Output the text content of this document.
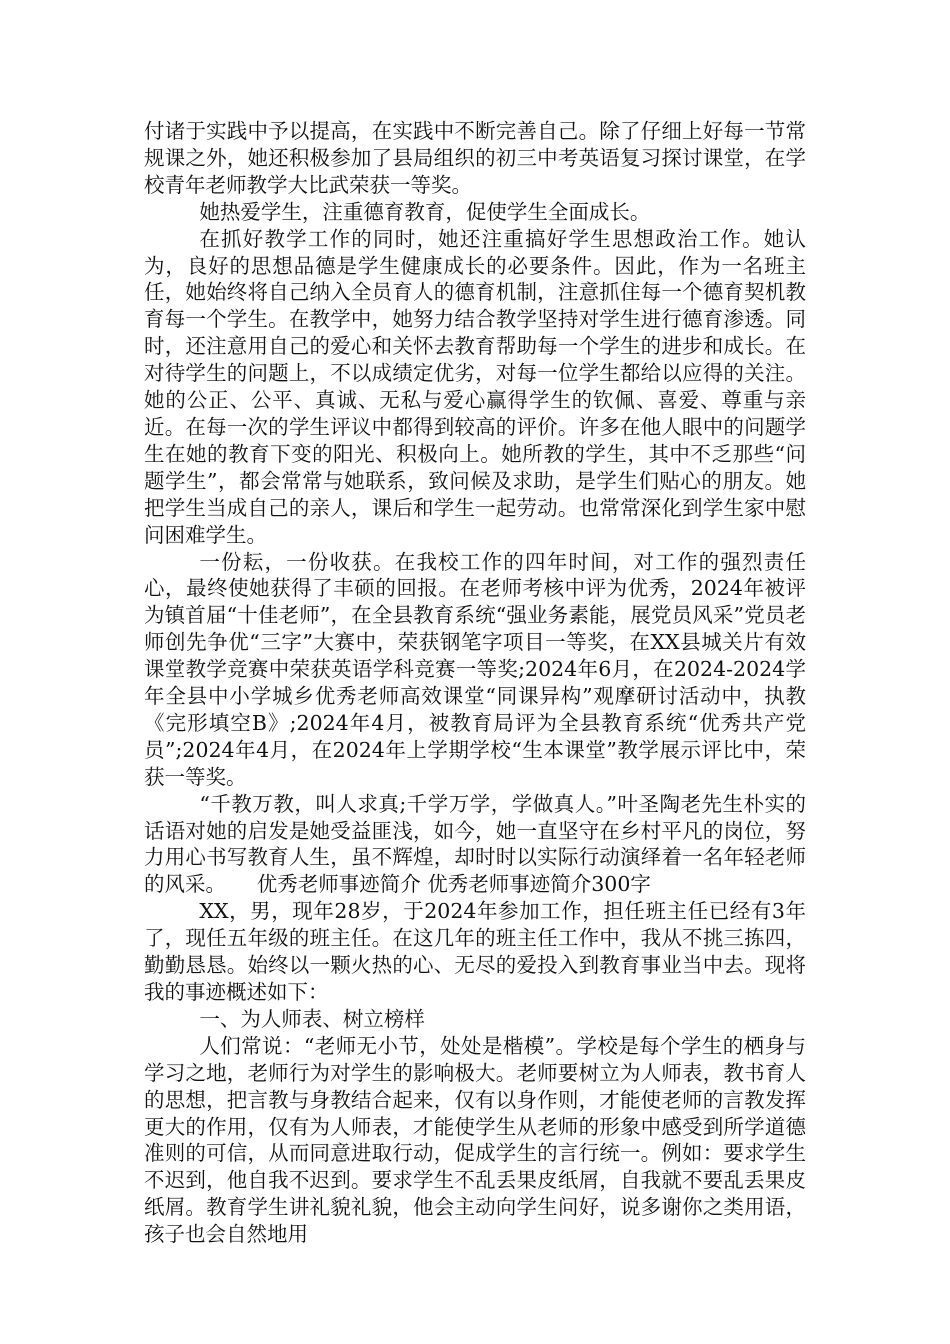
付诸于实践中予以提高，在实践中不断完善自己。除了仔细上好每一节常规课之外，她还积极参加了县局组织的初三中考英语复习探讨课堂，在学校青年老师教学大比武荣获一等奖。

她热爱学生，注重德育教育，促使学生全面成长。

在抓好教学工作的同时，她还注重搞好学生思想政治工作。她认为，良好的思想品德是学生健康成长的必要条件。因此，作为一名班主任，她始终将自己纳入全员育人的德育机制，注意抓住每一个德育契机教育每一个学生。在教学中，她努力结合教学坚持对学生进行德育渗透。同时，还注意用自己的爱心和关怀去教育帮助每一个学生的进步和成长。在对待学生的问题上，不以成绩定优劣，对每一位学生都给以应得的关注。她的公正、公平、真诚、无私与爱心赢得学生的钦佩、喜爱、尊重与亲近。在每一次的学生评议中都得到较高的评价。许多在他人眼中的问题学生在她的教育下变的阳光、积极向上。她所教的学生，其中不乏那些“问题学生”，都会常常与她联系，致问候及求助，是学生们贴心的朋友。她把学生当成自己的亲人，课后和学生一起劳动。也常常深化到学生家中慰问困难学生。

一份耘，一份收获。在我校工作的四年时间，对工作的强烈责任心，最终使她获得了丰硕的回报。在老师考核中评为优秀，2024年被评为镇首届“十佳老师”，在全县教育系统“强业务素能，展党员风采”党员老师创先争优“三字”大赛中，荣获钢笔字项目一等奖，在XX县城关片有效课堂教学竞赛中荣获英语学科竞赛一等奖;2024年6月，在2024-2024学年全县中小学城乡优秀老师高效课堂“同课异构”观摩研讨活动中，执教《完形填空B》;2024年4月，被教育局评为全县教育系统“优秀共产党员”;2024年4月，在2024年上学期学校“生本课堂”教学展示评比中，荣获一等奖。

“千教万教，叫人求真;千学万学，学做真人。”叶圣陶老先生朴实的话语对她的启发是她受益匪浅，如今，她一直坚守在乡村平凡的岗位，努力用心书写教育人生，虽不辉煌，却时时以实际行动演绎着一名年轻老师的风采。　　优秀老师事迹简介 优秀老师事迹简介300字

XX，男，现年28岁，于2024年参加工作，担任班主任已经有3年了，现任五年级的班主任。在这几年的班主任工作中，我从不挑三拣四，勤勤恳恳。始终以一颗火热的心、无尽的爱投入到教育事业当中去。现将我的事迹概述如下：

一、为人师表、树立榜样

人们常说：“老师无小节，处处是楷模”。学校是每个学生的栖身与学习之地，老师行为对学生的影响极大。老师要树立为人师表，教书育人的思想，把言教与身教结合起来，仅有以身作则，才能使老师的言教发挥更大的作用，仅有为人师表，才能使学生从老师的形象中感受到所学道德准则的可信，从而同意进取行动，促成学生的言行统一。例如：要求学生不迟到，他自我不迟到。要求学生不乱丢果皮纸屑，自我就不要乱丢果皮纸屑。教育学生讲礼貌礼貌，他会主动向学生问好，说多谢你之类用语，孩子也会自然地用
